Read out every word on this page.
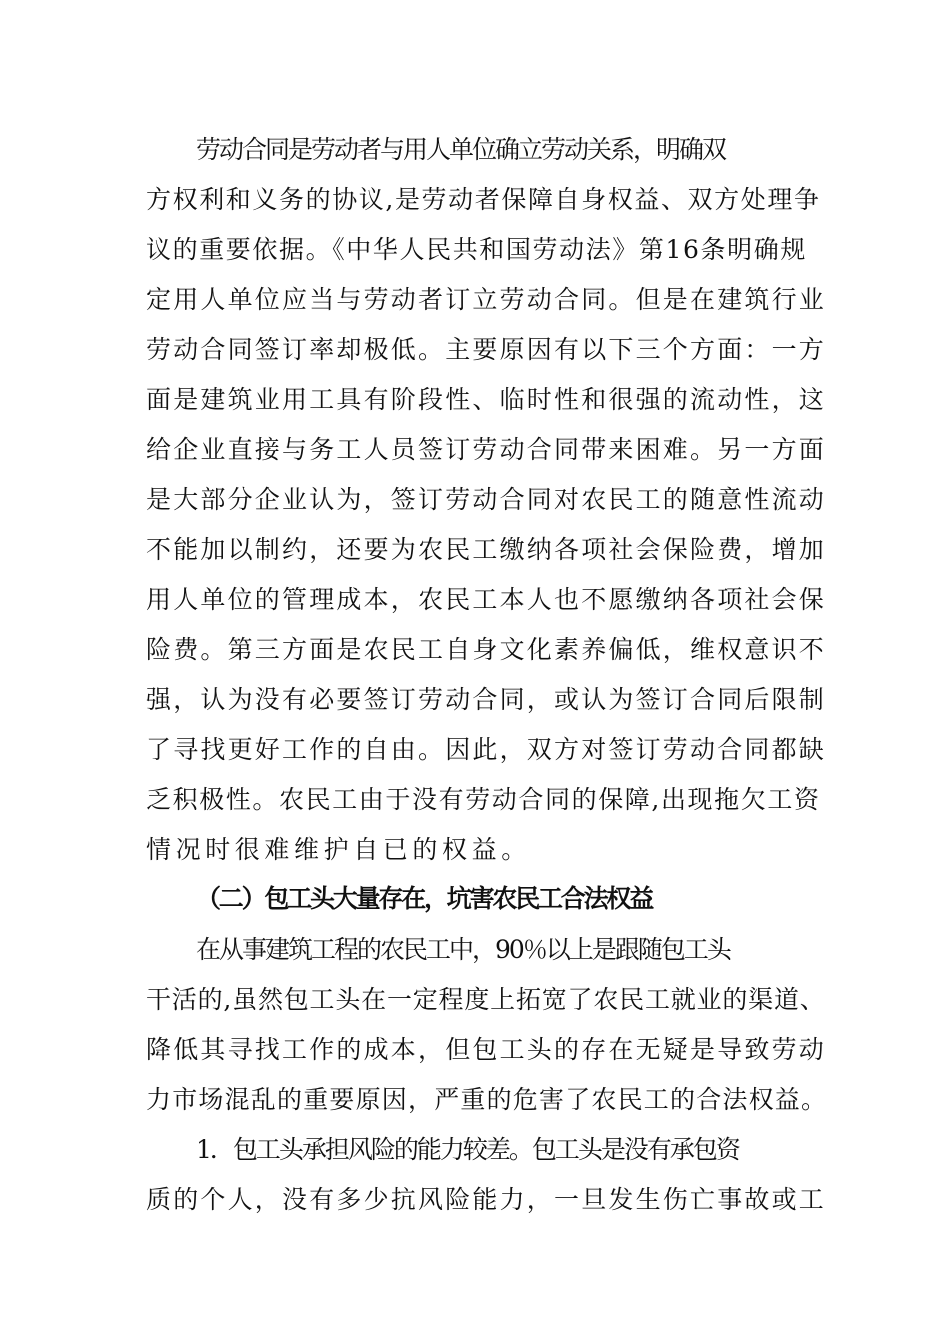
劳动合同是劳动者与用人单位确立劳动关系，明确双
方权利和义务的协议,是劳动者保障自身权益、双方处理争
议的重要依据。《中华人民共和国劳动法》第16条明确规
定用人单位应当与劳动者订立劳动合同。但是在建筑行业
劳动合同签订率却极低。主要原因有以下三个方面：一方
面是建筑业用工具有阶段性、临时性和很强的流动性，这
给企业直接与务工人员签订劳动合同带来困难。另一方面
是大部分企业认为，签订劳动合同对农民工的随意性流动
不能加以制约，还要为农民工缴纳各项社会保险费，增加
用人单位的管理成本，农民工本人也不愿缴纳各项社会保
险费。第三方面是农民工自身文化素养偏低，维权意识不
强，认为没有必要签订劳动合同，或认为签订合同后限制
了寻找更好工作的自由。因此，双方对签订劳动合同都缺
乏积极性。农民工由于没有劳动合同的保障,出现拖欠工资
情况时很难维护自已的权益。
（二）包工头大量存在，坑害农民工合法权益
在从事建筑工程的农民工中，90％以上是跟随包工头
干活的,虽然包工头在一定程度上拓宽了农民工就业的渠道、
降低其寻找工作的成本，但包工头的存在无疑是导致劳动
力市场混乱的重要原因，严重的危害了农民工的合法权益。
1．包工头承担风险的能力较差。包工头是没有承包资
质的个人，没有多少抗风险能力，一旦发生伤亡事故或工
